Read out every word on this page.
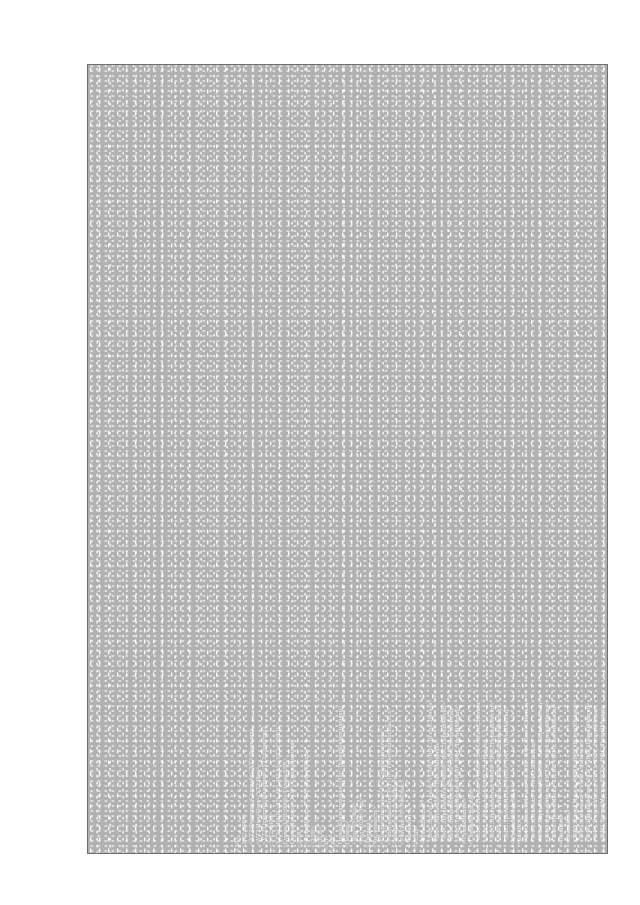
<ЗЛ> <УТ2:ФИО> <УТ2:Фамилия>Соловьёв</УТ2:Фамилия> <УТ2:Имя>Олег</УТ2:Имя> <УТ2:Отчество>Иванович</УТ2:Отчество> </УТ2:ФИО> <УТ2:СНИЛС>876-483-483 83</УТ2:СНИЛС> <СуммаДЛВ>9800</СуммаДЛВ> <СуммаВзносов>2432</СуммаВзносов> <ДЛВ> <СуммаИтого>7568</СуммаИтого> </ДЛВ> </ЛСВ> </ЗЛ> <ОСС> <НомерКорректировки>000</НомерКорректировки> <Период> <Код>03</Код> <Год>2022</Год> </Период> <Численность> <Среднесписочная>45</Среднесписочная> <РаботающихОпасУсл>16</РаботающихОпасУсл> <РабВсего>21</РабВсего> <РабОпас>5</РабОпас> </Численность> <РСЗВ> <СуммаВыплат> <ВФС:ВсегоСНачала>145600</ВФС:ВсегоСНачала> <ВФС:НаНачало>0</ВФС:НаНачало> <ВФС:ПервыйМесяц>48600</ВФС:ПервыйМесяц> <ВФС:ВторойМесяц>47900</ВФС:ВторойМесяц> <ВФС:ТретийМесяц>49100</ВФС:ТретийМесяц> </СуммаВыплат> <СуммаНеПодлОбл> <ВФС:ВсегоСНачала>145600</ВФС:ВсегоСНачала> <ВФС:НаНачало>0</ВФС:НаНачало> <ВФС:ПервыйМесяц>48600</ВФС:ПервыйМесяц> <ВФС:ВторойМесяц>47900</ВФС:ВторойМесяц> <ВФС:ТретийМесяц>49100</ВФС:ТретийМесяц> </СуммаНеПодлОбл> <БазаИсч> <ВФС:ВсегоСНачала>661818</ВФС:ВсегоСНачала> <ВФС:НаНачало>0</ВФС:НаНачало> <ВФС:ПервыйМесяц>220909</ВФС:ПервыйМесяц> <ВФС:ВторойМесяц>217727</ВФС:ВторойМесяц> <ВФС:ТретийМесяц>223182</ВФС:ТретийМесяц> </БазаИсч> <СуммаИсч> <ВФС:ВсегоСНачала>60818</ВФС:ВсегоСНачала> <ВФС:НаНачало>0</ВФС:НаНачало> <ВФС:ПервыйМесяц>20272</ВФС:ПервыйМесяц> <ВФС:ВторойМесяц>20273</ВФС:ВторойМесяц> <ВФС:ТретийМесяц>20273</ВФС:ТретийМесяц>
